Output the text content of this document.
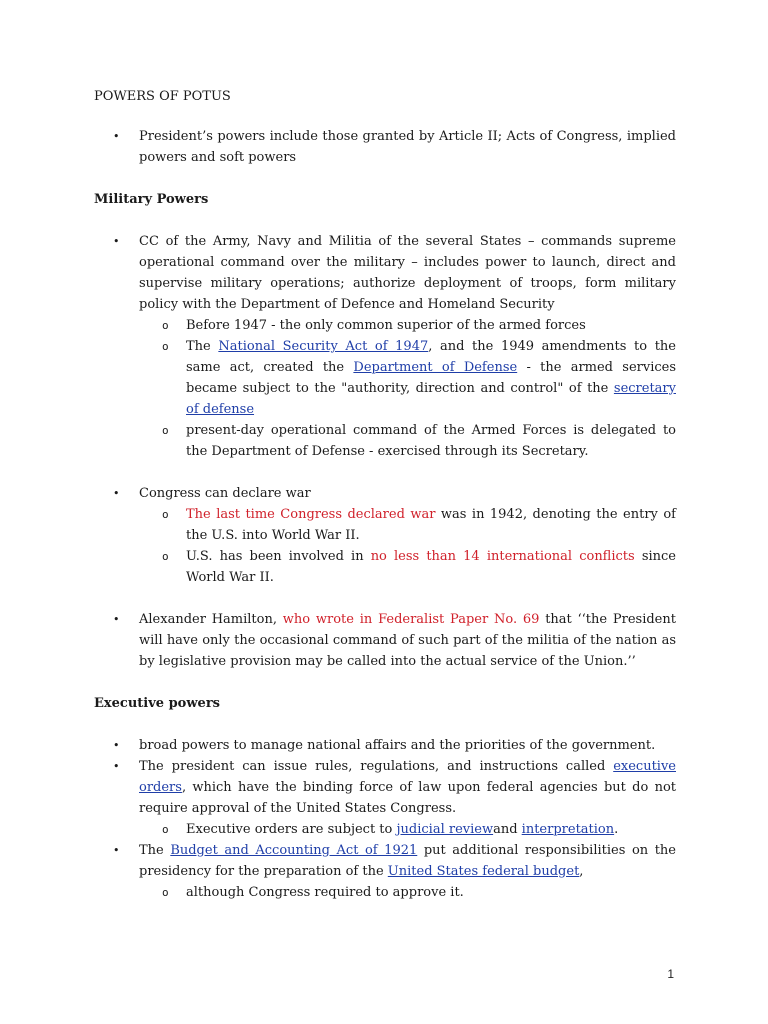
POWERS OF POTUS
• President’s powers include those granted by Article II; Acts of Congress, implied powers and soft powers
Military Powers
• CC of the Army, Navy and Militia of the several States – commands supreme operational command over the military – includes power to launch, direct and supervise military operations; authorize deployment of troops, form military policy with the Department of Defence and Homeland Security
o Before 1947 - the only common superior of the armed forces
o The National Security Act of 1947, and the 1949 amendments to the same act, created the Department of Defense - the armed services became subject to the "authority, direction and control" of the secretary of defense
o present-day operational command of the Armed Forces is delegated to the Department of Defense - exercised through its Secretary.
• Congress can declare war
o The last time Congress declared war was in 1942, denoting the entry of the U.S. into World War II.
o U.S. has been involved in no less than 14 international conflicts since World War II.
• Alexander Hamilton, who wrote in Federalist Paper No. 69 that ‘‘the President will have only the occasional command of such part of the militia of the nation as by legislative provision may be called into the actual service of the Union.’’
Executive powers
• broad powers to manage national affairs and the priorities of the government.
• The president can issue rules, regulations, and instructions called executive orders, which have the binding force of law upon federal agencies but do not require approval of the United States Congress.
o Executive orders are subject to judicial reviewand interpretation.
• The Budget and Accounting Act of 1921 put additional responsibilities on the presidency for the preparation of the United States federal budget,
o although Congress required to approve it.
1
